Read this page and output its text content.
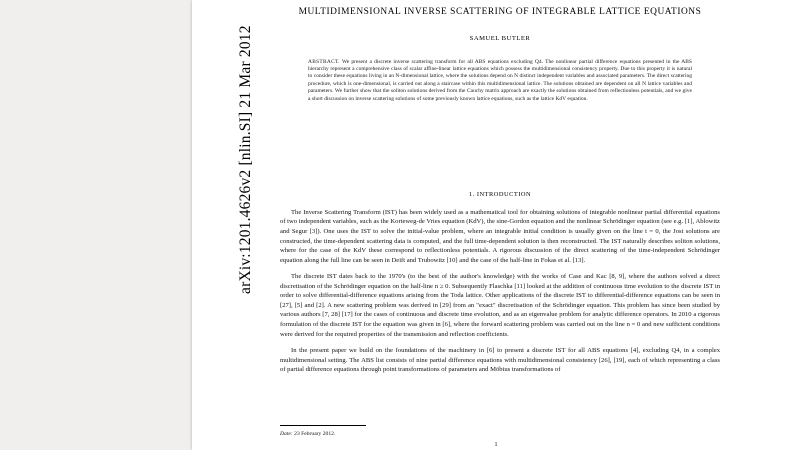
arXiv:1201.4626v2 [nlin.SI] 21 Mar 2012
MULTIDIMENSIONAL INVERSE SCATTERING OF INTEGRABLE LATTICE EQUATIONS
SAMUEL BUTLER
ABSTRACT. We present a discrete inverse scattering transform for all ABS equations excluding Q4. The nonlinear partial difference equations presented in the ABS hierarchy represent a comprehensive class of scalar affine-linear lattice equations which possess the multidimensional consistency property. Due to this property it is natural to consider these equations living in an N-dimensional lattice, where the solutions depend on N distinct independent variables and associated parameters. The direct scattering procedure, which is one-dimensional, is carried out along a staircase within this multidimensional lattice. The solutions obtained are dependent on all N lattice variables and parameters. We further show that the soliton solutions derived from the Cauchy matrix approach are exactly the solutions obtained from reflectionless potentials, and we give a short discussion on inverse scattering solutions of some previously known lattice equations, such as the lattice KdV equation.
1. INTRODUCTION

The Inverse Scattering Transform (IST) has been widely used as a mathematical tool for obtaining solutions of integrable nonlinear partial differential equations of two independent variables, such as the Korteweg-de Vries equation (KdV), the sine-Gordon equation and the nonlinear Schrödinger equation (see e.g. [1], Ablowitz and Segur [3]). One uses the IST to solve the initial-value problem, where an integrable initial condition is usually given on the line t = 0, the Jost solutions are constructed, the time-dependent scattering data is computed, and the full time-dependent solution is then reconstructed. The IST naturally describes soliton solutions, where for the case of the KdV these correspond to reflectionless potentials. A rigorous discussion of the direct scattering of the time-independent Schrödinger equation along the full line can be seen in Deift and Trubowitz [10] and the case of the half-line in Fokas et al. [13].

The discrete IST dates back to the 1970's (to the best of the author's knowledge) with the works of Case and Kac [8, 9], where the authors solved a direct discretisation of the Schrödinger equation on the half-line n ≥ 0. Subsequently Flaschka [11] looked at the addition of continuous time evolution to the discrete IST in order to solve differential-difference equations arising from the Toda lattice. Other applications of the discrete IST to differential-difference equations can be seen in [27], [5] and [2]. A new scattering problem was derived in [29] from an "exact" discretisation of the Schrödinger equation. This problem has since been studied by various authors [7, 28] [17] for the cases of continuous and discrete time evolution, and as an eigenvalue problem for analytic difference operators. In 2010 a rigorous formulation of the discrete IST for the equation was given in [6], where the forward scattering problem was carried out on the line n = 0 and new sufficient conditions were derived for the required properties of the transmission and reflection coefficients.

In the present paper we build on the foundations of the machinery in [6] to present a discrete IST for all ABS equations [4], excluding Q4, in a complex multidimensional setting. The ABS list consists of nine partial difference equations with multidimensional consistency [26], [19], each of which representing a class of partial difference equations through point transformations of parameters and Möbius transformations of

Date: 23 February 2012.
1
